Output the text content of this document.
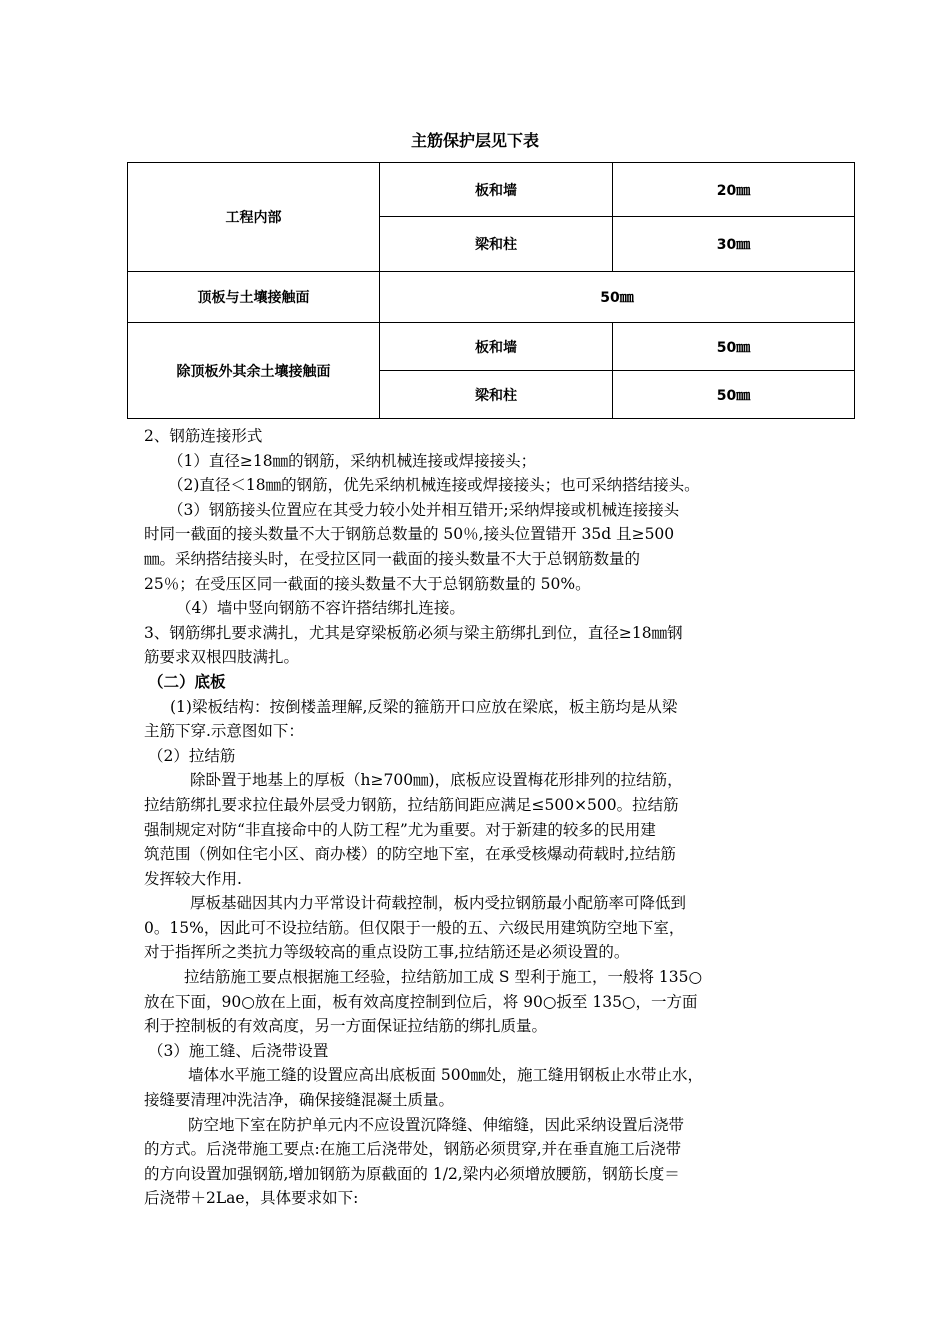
主筋保护层见下表
工程内部	板和墙	20㎜
	梁和柱	30㎜
顶板与土壤接触面	50㎜	
除顶板外其余土壤接触面	板和墙	50㎜
	梁和柱	50㎜

2、钢筋连接形式

（1）直径≥18㎜的钢筋，采纳机械连接或焊接接头；

（2)直径＜18㎜的钢筋，优先采纳机械连接或焊接接头；也可采纳搭结接头。

（3）钢筋接头位置应在其受力较小处并相互错开;采纳焊接或机械连接接头

时同一截面的接头数量不大于钢筋总数量的 50％,接头位置错开 35d 且≥500

㎜。采纳搭结接头时，在受拉区同一截面的接头数量不大于总钢筋数量的

25％；在受压区同一截面的接头数量不大于总钢筋数量的 50%。

（4）墙中竖向钢筋不容许搭结绑扎连接。

3、钢筋绑扎要求满扎，尤其是穿梁板筋必须与梁主筋绑扎到位，直径≥18㎜钢

筋要求双根四肢满扎。

（二）底板

(1)梁板结构：按倒楼盖理解,反梁的箍筋开口应放在梁底，板主筋均是从梁

主筋下穿.示意图如下：

（2）拉结筋

除卧置于地基上的厚板（h≥700㎜)，底板应设置梅花形排列的拉结筋，

拉结筋绑扎要求拉住最外层受力钢筋，拉结筋间距应满足≤500×500。拉结筋

强制规定对防“非直接命中的人防工程”尤为重要。对于新建的较多的民用建

筑范围（例如住宅小区、商办楼）的防空地下室，在承受核爆动荷载时,拉结筋

发挥较大作用.

厚板基础因其内力平常设计荷载控制，板内受拉钢筋最小配筋率可降低到

0。15%，因此可不设拉结筋。但仅限于一般的五、六级民用建筑防空地下室，

对于指挥所之类抗力等级较高的重点设防工事,拉结筋还是必须设置的。

拉结筋施工要点根据施工经验，拉结筋加工成 S 型利于施工，一般将 135○

放在下面，90○放在上面，板有效高度控制到位后，将 90○扳至 135○，一方面

利于控制板的有效高度，另一方面保证拉结筋的绑扎质量。

（3）施工缝、后浇带设置

墙体水平施工缝的设置应高出底板面 500㎜处，施工缝用钢板止水带止水，

接缝要清理冲洗洁净，确保接缝混凝土质量。

防空地下室在防护单元内不应设置沉降缝、伸缩缝，因此采纳设置后浇带

的方式。后浇带施工要点:在施工后浇带处，钢筋必须贯穿,并在垂直施工后浇带

的方向设置加强钢筋,增加钢筋为原截面的 1/2,梁内必须增放腰筋，钢筋长度＝

后浇带＋2Lae，具体要求如下:
